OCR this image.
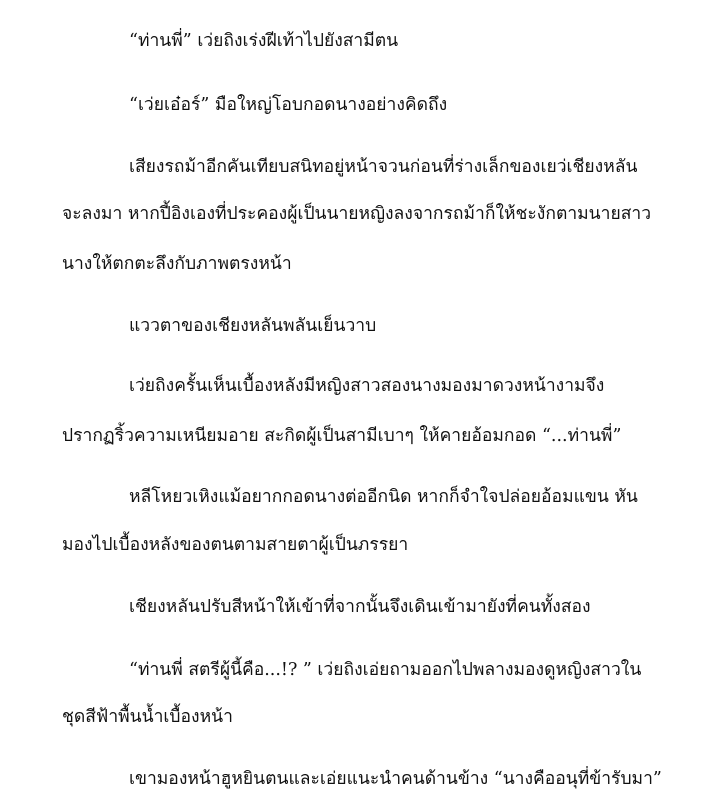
“ท่านพี่” เว่ยถิงเร่งฝีเท้าไปยังสามีตน
“เว่ยเอ๋อร์” มือใหญ่โอบกอดนางอย่างคิดถึง
เสียงรถม้าอีกคันเทียบสนิทอยู่หน้าจวนก่อนที่ร่างเล็กของเยว่เชียงหลัน
จะลงมา หากปี้อิงเองที่ประคองผู้เป็นนายหญิงลงจากรถม้าก็ให้ชะงักตามนายสาว
นางให้ตกตะลึงกับภาพตรงหน้า
แววตาของเชียงหลันพลันเย็นวาบ
เว่ยถิงครั้นเห็นเบื้องหลังมีหญิงสาวสองนางมองมาดวงหน้างามจึง
ปรากฏริ้วความเหนียมอาย สะกิดผู้เป็นสามีเบาๆ ให้คายอ้อมกอด “...ท่านพี่”
หลีโหยวเหิงแม้อยากกอดนางต่ออีกนิด หากก็จำใจปล่อยอ้อมแขน หัน
มองไปเบื้องหลังของตนตามสายตาผู้เป็นภรรยา
เชียงหลันปรับสีหน้าให้เข้าที่จากนั้นจึงเดินเข้ามายังที่คนทั้งสอง
“ท่านพี่ สตรีผู้นี้คือ...!? ” เว่ยถิงเอ่ยถามออกไปพลางมองดูหญิงสาวใน
ชุดสีฟ้าพื้นน้ำเบื้องหน้า
เขามองหน้าฮูหยินตนและเอ่ยแนะนำคนด้านข้าง “นางคืออนุที่ข้ารับมา”
